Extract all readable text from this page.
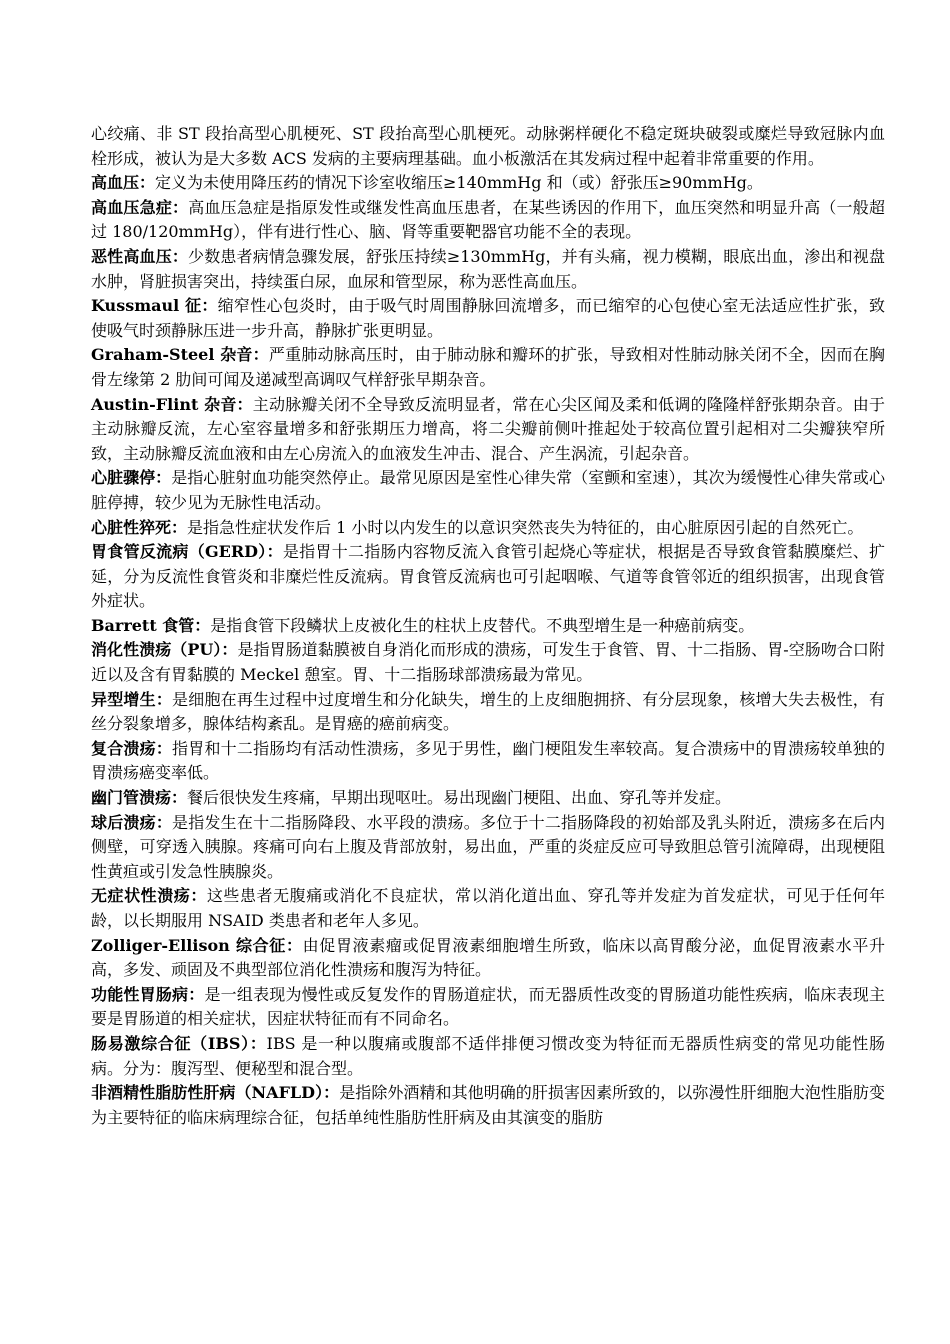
心绞痛、非 ST 段抬高型心肌梗死、ST 段抬高型心肌梗死。动脉粥样硬化不稳定斑块破裂或糜烂导致冠脉内血栓形成，被认为是大多数 ACS 发病的主要病理基础。血小板激活在其发病过程中起着非常重要的作用。

高血压：定义为未使用降压药的情况下诊室收缩压≥140mmHg 和（或）舒张压≥90mmHg。

高血压急症：高血压急症是指原发性或继发性高血压患者，在某些诱因的作用下，血压突然和明显升高（一般超过 180/120mmHg），伴有进行性心、脑、肾等重要靶器官功能不全的表现。

恶性高血压：少数患者病情急骤发展，舒张压持续≥130mmHg，并有头痛，视力模糊，眼底出血，渗出和视盘水肿，肾脏损害突出，持续蛋白尿，血尿和管型尿，称为恶性高血压。

Kussmaul 征：缩窄性心包炎时，由于吸气时周围静脉回流增多，而已缩窄的心包使心室无法适应性扩张，致使吸气时颈静脉压进一步升高，静脉扩张更明显。

Graham-Steel 杂音：严重肺动脉高压时，由于肺动脉和瓣环的扩张，导致相对性肺动脉关闭不全，因而在胸骨左缘第 2 肋间可闻及递减型高调叹气样舒张早期杂音。

Austin-Flint 杂音：主动脉瓣关闭不全导致反流明显者，常在心尖区闻及柔和低调的隆隆样舒张期杂音。由于主动脉瓣反流，左心室容量增多和舒张期压力增高，将二尖瓣前侧叶推起处于较高位置引起相对二尖瓣狭窄所致，主动脉瓣反流血液和由左心房流入的血液发生冲击、混合、产生涡流，引起杂音。

心脏骤停：是指心脏射血功能突然停止。最常见原因是室性心律失常（室颤和室速），其次为缓慢性心律失常或心脏停搏，较少见为无脉性电活动。

心脏性猝死：是指急性症状发作后 1 小时以内发生的以意识突然丧失为特征的，由心脏原因引起的自然死亡。

胃食管反流病（GERD）：是指胃十二指肠内容物反流入食管引起烧心等症状，根据是否导致食管黏膜糜烂、扩延，分为反流性食管炎和非糜烂性反流病。胃食管反流病也可引起咽喉、气道等食管邻近的组织损害，出现食管外症状。

Barrett 食管：是指食管下段鳞状上皮被化生的柱状上皮替代。不典型增生是一种癌前病变。

消化性溃疡（PU）：是指胃肠道黏膜被自身消化而形成的溃疡，可发生于食管、胃、十二指肠、胃-空肠吻合口附近以及含有胃黏膜的 Meckel 憩室。胃、十二指肠球部溃疡最为常见。

异型增生：是细胞在再生过程中过度增生和分化缺失，增生的上皮细胞拥挤、有分层现象，核增大失去极性，有丝分裂象增多，腺体结构紊乱。是胃癌的癌前病变。

复合溃疡：指胃和十二指肠均有活动性溃疡，多见于男性，幽门梗阻发生率较高。复合溃疡中的胃溃疡较单独的胃溃疡癌变率低。

幽门管溃疡：餐后很快发生疼痛，早期出现呕吐。易出现幽门梗阻、出血、穿孔等并发症。

球后溃疡：是指发生在十二指肠降段、水平段的溃疡。多位于十二指肠降段的初始部及乳头附近，溃疡多在后内侧壁，可穿透入胰腺。疼痛可向右上腹及背部放射，易出血，严重的炎症反应可导致胆总管引流障碍，出现梗阻性黄疸或引发急性胰腺炎。

无症状性溃疡：这些患者无腹痛或消化不良症状，常以消化道出血、穿孔等并发症为首发症状，可见于任何年龄，以长期服用 NSAID 类患者和老年人多见。

Zolliger-Ellison 综合征：由促胃液素瘤或促胃液素细胞增生所致，临床以高胃酸分泌，血促胃液素水平升高，多发、顽固及不典型部位消化性溃疡和腹泻为特征。

功能性胃肠病：是一组表现为慢性或反复发作的胃肠道症状，而无器质性改变的胃肠道功能性疾病，临床表现主要是胃肠道的相关症状，因症状特征而有不同命名。

肠易激综合征（IBS）：IBS 是一种以腹痛或腹部不适伴排便习惯改变为特征而无器质性病变的常见功能性肠病。分为：腹泻型、便秘型和混合型。

非酒精性脂肪性肝病（NAFLD）：是指除外酒精和其他明确的肝损害因素所致的，以弥漫性肝细胞大泡性脂肪变为主要特征的临床病理综合征，包括单纯性脂肪性肝病及由其演变的脂肪
